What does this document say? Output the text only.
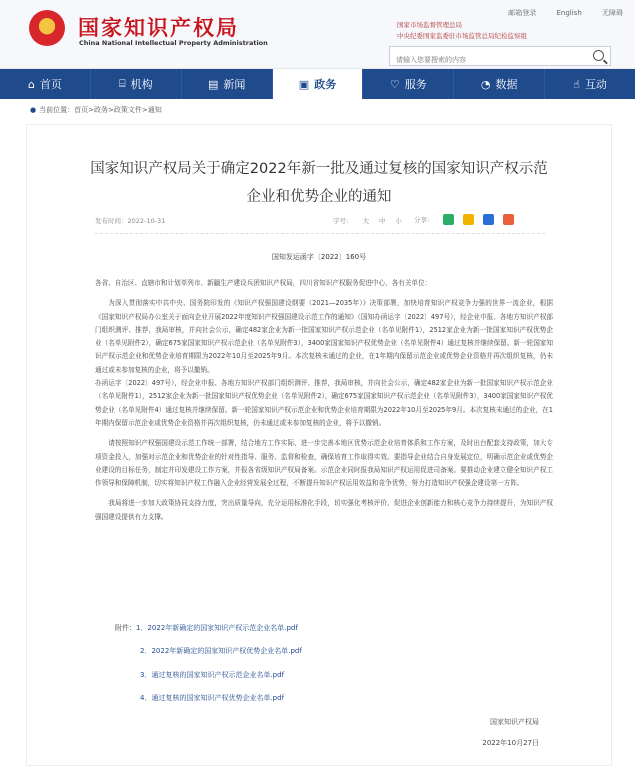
国家知识产权局
China National Intellectual Property Administration
邮箱登录	English	无障碍
国家市场监督管理总局
中央纪委国家监委驻市场监管总局纪检监察组
请输入您要搜索的内容
⌂ 首页	⌸ 机构	▤ 新闻	▣ 政务	♡ 服务	◔ 数据	☝ 互动
● 当前位置：首页>政务>政策文件>通知
国家知识产权局关于确定2022年新一批及通过复核的国家知识产权示范
企业和优势企业的通知
发布时间：2022-10-31	字号： 大 中 小 分享：
国知发运函字〔2022〕160号

各省、自治区、直辖市和计划单列市、新疆生产建设兵团知识产权局，四川省知识产权服务促进中心，各有关单位：

为深入贯彻落实中共中央、国务院印发的《知识产权强国建设纲要（2021—2035年）》决策部署，加快培育知识产权竞争力强的世界一流企业，根据《国家知识产权局办公室关于面向企业开展2022年度知识产权强国建设示范工作的通知》（国知办函运字〔2022〕497号），经企业申报、各地方知识产权部门组织测评、推荐，我局审核，并向社会公示，确定482家企业为新一批国家知识产权示范企业（名单见附件1），2512家企业为新一批国家知识产权优势企业（名单见附件2），确定675家国家知识产权示范企业（名单见附件3），3400家国家知识产权优势企业（名单见附件4）通过复核并继续保留。新一轮国家知识产权示范企业和优势企业培育期限为2022年10月至2025年9月。本次复核未通过的企业，在1年期内保留示范企业或优势企业资格并再次组织复核，仍未通过或未参加复核的企业，将予以撤销。

办函运字〔2022〕497号），经企业申报、各地方知识产权部门组织测评、推荐，我局审核，并向社会公示，确定482家企业为新一批国家知识产权示范企业（名单见附件1），2512家企业为新一批国家知识产权优势企业（名单见附件2），确定675家国家知识产权示范企业（名单见附件3），3400家国家知识产权优势企业（名单见附件4）通过复核并继续保留。新一轮国家知识产权示范企业和优势企业培育期限为2022年10月至2025年9月。本次复核未通过的企业，在1年期内保留示范企业或优势企业资格并再次组织复核，仍未通过或未参加复核的企业，将予以撤销。

请按照知识产权强国建设示范工作统一部署，结合地方工作实际，进一步完善本地区优势示范企业培育体系和工作方案，及时出台配套支持政策，加大专项资金投入，加强对示范企业和优势企业的针对性指导、服务、监督和检查，确保培育工作取得实效。要指导企业结合自身发展定位，明确示范企业或优势企业建设的目标任务，制定并印发建设工作方案，并报各省级知识产权局备案。示范企业同时报我局知识产权运用促进司备案。要推动企业建立健全知识产权工作领导和保障机制，切实将知识产权工作融入企业经营发展全过程，不断提升知识产权运用效益和竞争优势，努力打造知识产权强企建设第一方阵。

我局将进一步加大政策协同支持力度，突出质量导向，充分运用标准化手段，切实强化考核评价，促进企业创新能力和核心竞争力持续提升，为知识产权强国建设提供有力支撑。

附件：1．2022年新确定的国家知识产权示范企业名单.pdf
2．2022年新确定的国家知识产权优势企业名单.pdf
3．通过复核的国家知识产权示范企业名单.pdf
4．通过复核的国家知识产权优势企业名单.pdf
国家知识产权局
2022年10月27日
